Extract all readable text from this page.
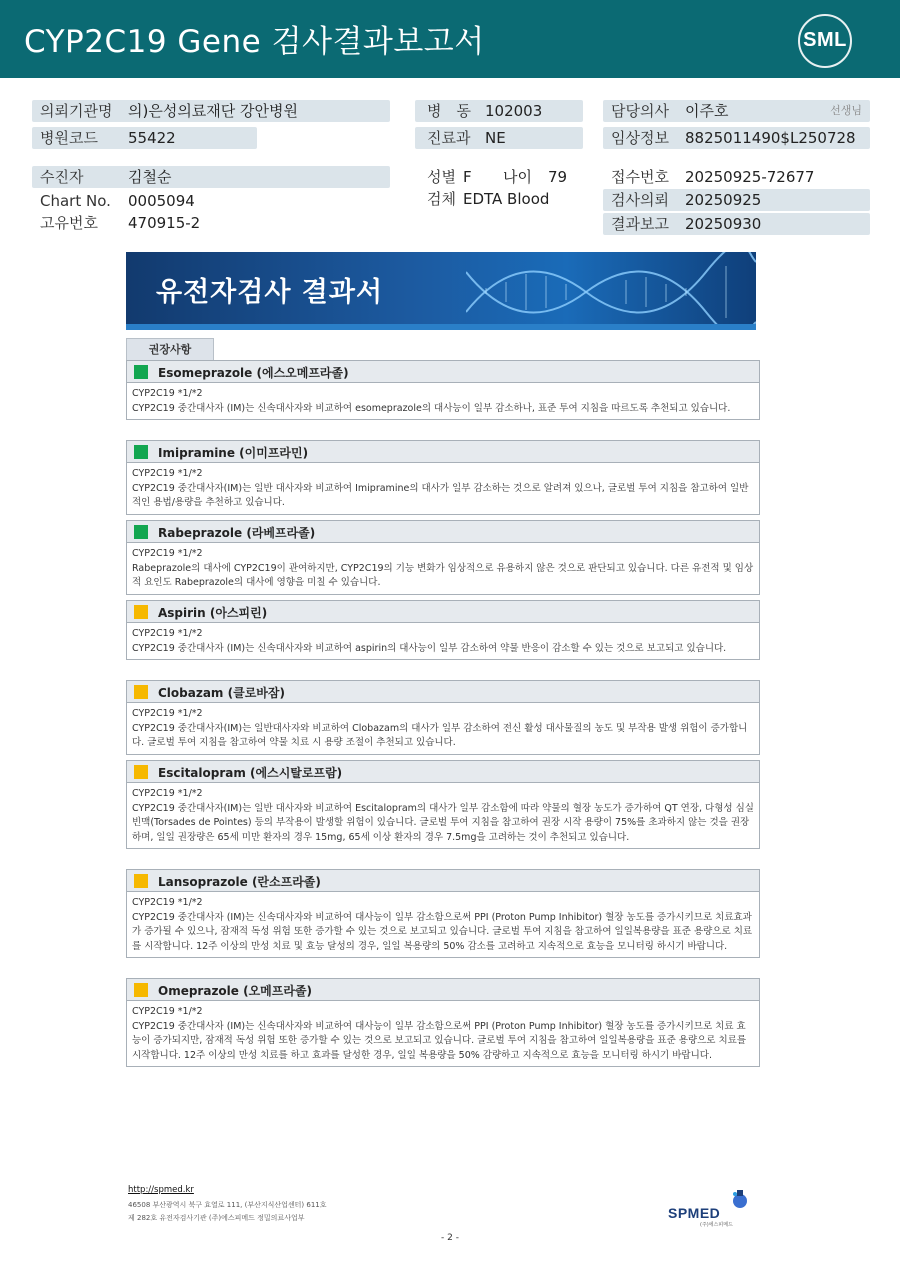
CYP2C19 Gene 검사결과보고서	SML
의뢰기관명 의)은성의료재단 강안병원
병원코드 55422
수진자	김철순
Chart No. 0005094
고유번호 470915-2
병　동 102003
진료과 NE
성별 F 나이 79
검체 EDTA Blood
담당의사 이주호	선생님
임상정보 8825011490$L250728
접수번호 20250925-72677
검사의뢰 20250925
결과보고 20250930
유전자검사 결과서
권장사항
Esomeprazole (에스오메프라졸)
CYP2C19 *1/*2
CYP2C19 중간대사자 (IM)는 신속대사자와 비교하여 esomeprazole의 대사능이 일부 감소하나, 표준 투여 지침을 따르도록 추천되고 있습니다.
Imipramine (이미프라민)
CYP2C19 *1/*2
CYP2C19 중간대사자(IM)는 일반 대사자와 비교하여 Imipramine의 대사가 일부 감소하는 것으로 알려져 있으나, 글로벌 투여 지침을 참고하여 일반적인 용법/용량을 추천하고 있습니다.
Rabeprazole (라베프라졸)
CYP2C19 *1/*2
Rabeprazole의 대사에 CYP2C19이 관여하지만, CYP2C19의 기능 변화가 임상적으로 유용하지 않은 것으로 판단되고 있습니다. 다른 유전적 및 임상적 요인도 Rabeprazole의 대사에 영향을 미칠 수 있습니다.
Aspirin (아스피린)
CYP2C19 *1/*2
CYP2C19 중간대사자 (IM)는 신속대사자와 비교하여 aspirin의 대사능이 일부 감소하여 약물 반응이 감소할 수 있는 것으로 보고되고 있습니다.
Clobazam (클로바잠)
CYP2C19 *1/*2
CYP2C19 중간대사자(IM)는 일반대사자와 비교하여 Clobazam의 대사가 일부 감소하여 전신 활성 대사물질의 농도 및 부작용 발생 위험이 증가합니다. 글로벌 투여 지침을 참고하여 약물 치료 시 용량 조절이 추천되고 있습니다.
Escitalopram (에스시탈로프람)
CYP2C19 *1/*2
CYP2C19 중간대사자(IM)는 일반 대사자와 비교하여 Escitalopram의 대사가 일부 감소함에 따라 약물의 혈장 농도가 증가하여 QT 연장, 다형성 심실빈맥(Torsades de Pointes) 등의 부작용이 발생할 위험이 있습니다. 글로벌 투여 지침을 참고하여 권장 시작 용량이 75%를 초과하지 않는 것을 권장하며, 일일 권장량은 65세 미만 환자의 경우 15mg, 65세 이상 환자의 경우 7.5mg을 고려하는 것이 추천되고 있습니다.
Lansoprazole (란소프라졸)
CYP2C19 *1/*2
CYP2C19 중간대사자 (IM)는 신속대사자와 비교하여 대사능이 일부 감소함으로써 PPI (Proton Pump Inhibitor) 혈장 농도를 증가시키므로 치료효과가 증가될 수 있으나, 잠재적 독성 위험 또한 증가할 수 있는 것으로 보고되고 있습니다. 글로벌 투여 지침을 참고하여 일일복용량을 표준 용량으로 치료를 시작합니다. 12주 이상의 만성 치료 및 효능 달성의 경우, 일일 복용량의 50% 감소를 고려하고 지속적으로 효능을 모니터링 하시기 바랍니다.
Omeprazole (오메프라졸)
CYP2C19 *1/*2
CYP2C19 중간대사자 (IM)는 신속대사자와 비교하여 대사능이 일부 감소함으로써 PPI (Proton Pump Inhibitor) 혈장 농도를 증가시키므로 치료 효능이 증가되지만, 잠재적 독성 위험 또한 증가할 수 있는 것으로 보고되고 있습니다. 글로벌 투여 지침을 참고하여 일일복용량을 표준 용량으로 치료를 시작합니다. 12주 이상의 만성 치료를 하고 효과를 달성한 경우, 일일 복용량을 50% 감량하고 지속적으로 효능을 모니터링 하시기 바랍니다.
http://spmed.kr
46508 부산광역시 북구 효열로 111, (부산지식산업센터) 611호
제 282호 유전자검사기관 (주)에스피메드 정밀의료사업부
- 2 -
SPMED
(주)에스피메드
